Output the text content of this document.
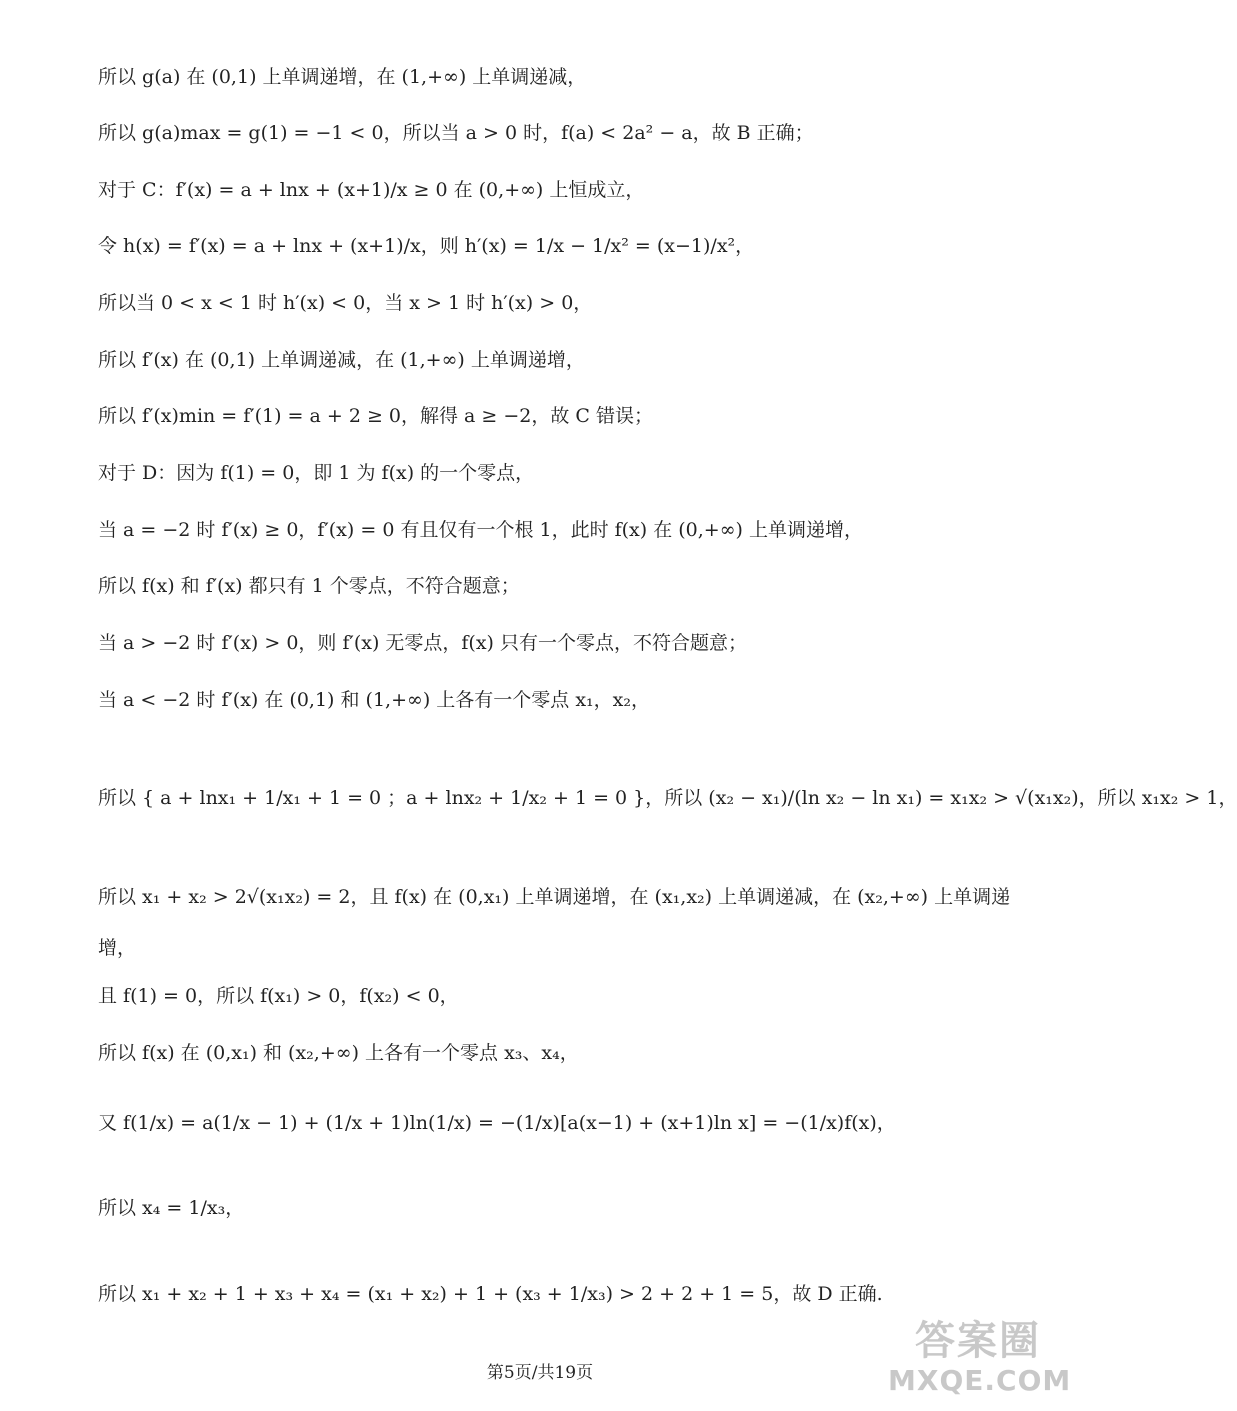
所以 g(a) 在 (0,1) 上单调递增，在 (1,+∞) 上单调递减，
所以 g(a)max = g(1) = −1 < 0，所以当 a > 0 时，f(a) < 2a² − a，故 B 正确；
对于 C：f′(x) = a + lnx + (x+1)/x ≥ 0 在 (0,+∞) 上恒成立，
令 h(x) = f′(x) = a + lnx + (x+1)/x，则 h′(x) = 1/x − 1/x² = (x−1)/x²，
所以当 0 < x < 1 时 h′(x) < 0，当 x > 1 时 h′(x) > 0，
所以 f′(x) 在 (0,1) 上单调递减，在 (1,+∞) 上单调递增，
所以 f′(x)min = f′(1) = a + 2 ≥ 0，解得 a ≥ −2，故 C 错误；
对于 D：因为 f(1) = 0，即 1 为 f(x) 的一个零点，
当 a = −2 时 f′(x) ≥ 0，f′(x) = 0 有且仅有一个根 1，此时 f(x) 在 (0,+∞) 上单调递增，
所以 f(x) 和 f′(x) 都只有 1 个零点，不符合题意；
当 a > −2 时 f′(x) > 0，则 f′(x) 无零点，f(x) 只有一个零点，不符合题意；
当 a < −2 时 f′(x) 在 (0,1) 和 (1,+∞) 上各有一个零点 x₁，x₂，
所以 { a + lnx₁ + 1/x₁ + 1 = 0 ；a + lnx₂ + 1/x₂ + 1 = 0 }，所以 (x₂ − x₁)/(ln x₂ − ln x₁) = x₁x₂ > √(x₁x₂)，所以 x₁x₂ > 1，
所以 x₁ + x₂ > 2√(x₁x₂) = 2，且 f(x) 在 (0,x₁) 上单调递增，在 (x₁,x₂) 上单调递减，在 (x₂,+∞) 上单调递
增，
且 f(1) = 0，所以 f(x₁) > 0，f(x₂) < 0，
所以 f(x) 在 (0,x₁) 和 (x₂,+∞) 上各有一个零点 x₃、x₄，
又 f(1/x) = a(1/x − 1) + (1/x + 1)ln(1/x) = −(1/x)[a(x−1) + (x+1)ln x] = −(1/x)f(x)，
所以 x₄ = 1/x₃，
所以 x₁ + x₂ + 1 + x₃ + x₄ = (x₁ + x₂) + 1 + (x₃ + 1/x₃) > 2 + 2 + 1 = 5，故 D 正确.
第5页/共19页
答案圈
MXQE.COM
